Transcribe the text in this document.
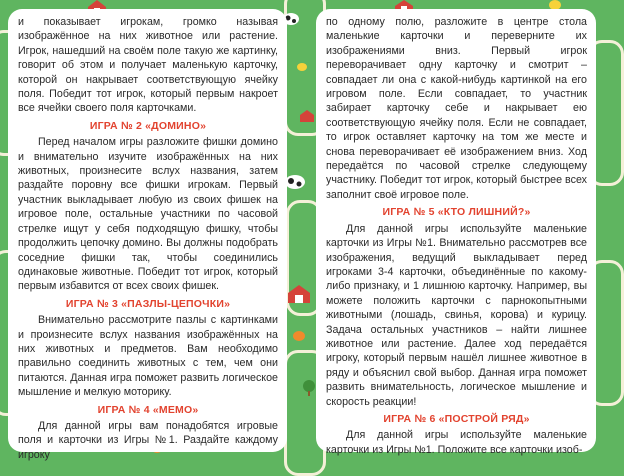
и показывает игрокам, громко называя изображённое на них животное или растение. Игрок, нашедший на своём поле такую же картинку, говорит об этом и получает маленькую карточку, которой он накрывает соответствующую ячейку поля. Победит тот игрок, который первым накроет все ячейки своего поля карточками.

ИГРА № 2 «ДОМИНО»

Перед началом игры разложите фишки домино и внимательно изучите изображённых на них животных, произнесите вслух названия, затем раздайте поровну все фишки игрокам. Первый участник выкладывает любую из своих фишек на игровое поле, остальные участники по часовой стрелке ищут у себя подходящую фишку, чтобы продолжить цепочку домино. Вы должны подобрать соседние фишки так, чтобы соединились одинаковые животные. Победит тот игрок, который первым избавится от всех своих фишек.

ИГРА № 3 «ПАЗЛЫ-ЦЕПОЧКИ»

Внимательно рассмотрите пазлы с картинками и произнесите вслух названия изображённых на них животных и предметов. Вам необходимо правильно соединить животных с тем, чем они питаются. Данная игра поможет развить логическое мышление и мелкую моторику.

ИГРА № 4 «МЕМО»

Для данной игры вам понадобятся игровые поля и карточки из Игры №1. Раздайте каждому игроку

по одному полю, разложите в центре стола маленькие карточки и переверните их изображениями вниз. Первый игрок переворачивает одну карточку и смотрит – совпадает ли она с какой-нибудь картинкой на его игровом поле. Если совпадает, то участник забирает карточку себе и накрывает ею соответствующую ячейку поля. Если не совпадает, то игрок оставляет карточку на том же месте и снова переворачивает её изображением вниз. Ход передаётся по часовой стрелке следующему участнику. Победит тот игрок, который быстрее всех заполнит своё игровое поле.

ИГРА № 5 «КТО ЛИШНИЙ?»

Для данной игры используйте маленькие карточки из Игры №1. Внимательно рассмотрев все изображения, ведущий выкладывает перед игроками 3-4 карточки, объединённые по какому-либо признаку, и 1 лишнюю карточку. Например, вы можете положить карточки с парнокопытными животными (лошадь, свинья, корова) и курицу. Задача остальных участников – найти лишнее животное или растение. Далее ход передаётся игроку, который первым нашёл лишнее животное в ряду и объяснил свой выбор. Данная игра поможет развить внимательность, логическое мышление и скорость реакции!

ИГРА № 6 «ПОСТРОЙ РЯД»

Для данной игры используйте маленькие карточки из Игры №1. Положите все карточки изоб-
